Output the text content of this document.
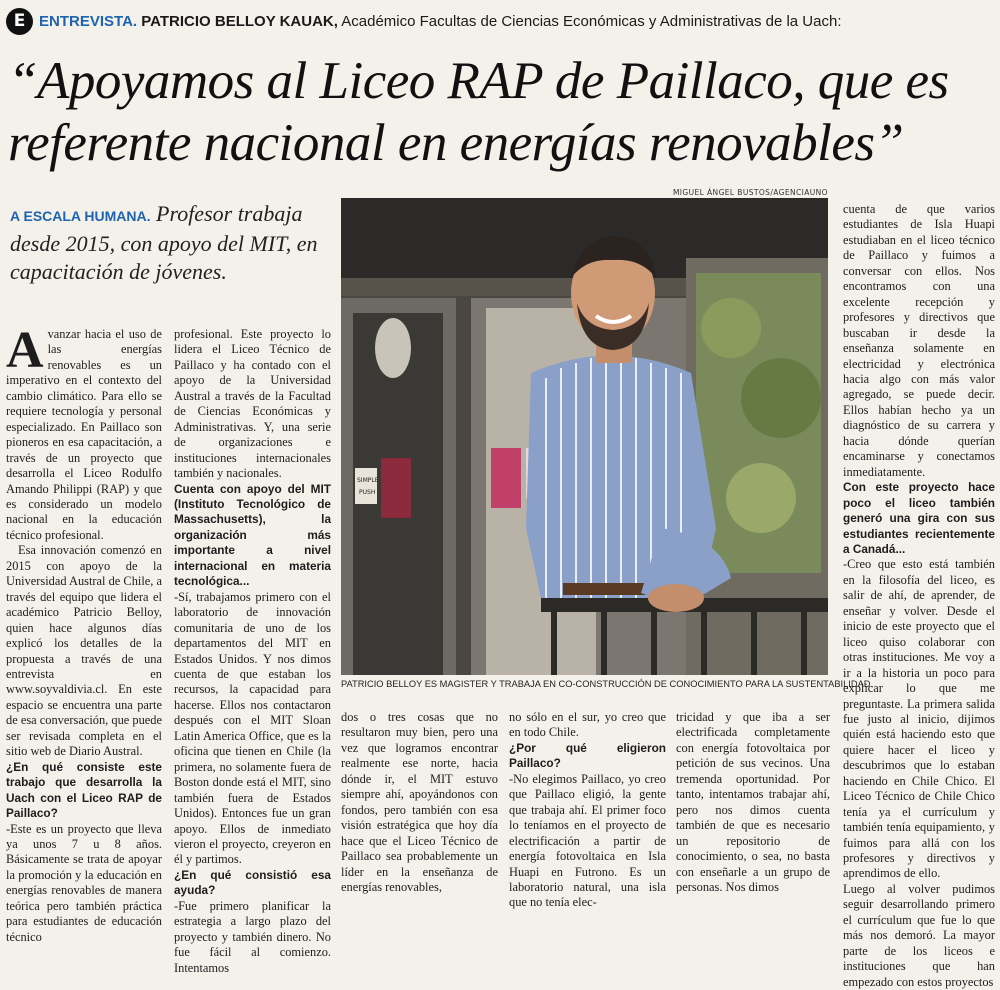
E ENTREVISTA. PATRICIO BELLOY KAUAK, Académico Facultas de Ciencias Económicas y Administrativas de la Uach:
“Apoyamos al Liceo RAP de Paillaco, que es referente nacional en energías renovables”
A ESCALA HUMANA. Profesor trabaja desde 2015, con apoyo del MIT, en capacitación de jóvenes.
MIGUEL ÁNGEL BUSTOS/AGENCIAUNO
SIMPLE
PUSH
PATRICIO BELLOY ES MAGISTER Y TRABAJA EN CO-CONSTRUCCIÓN DE CONOCIMIENTO PARA LA SUSTENTABILIDAD.

Avanzar hacia el uso de las energías renovables es un imperativo en el contexto del cambio climático. Para ello se requiere tecnología y personal especializado. En Paillaco son pioneros en esa capacitación, a través de un proyecto que desarrolla el Liceo Rodulfo Amando Philippi (RAP) y que es considerado un modelo nacional en la educación técnico profesional.

Esa innovación comenzó en 2015 con apoyo de la Universidad Austral de Chile, a través del equipo que lidera el académico Patricio Belloy, quien hace algunos días explicó los detalles de la propuesta a través de una entrevista en www.soyvaldivia.cl. En este espacio se encuentra una parte de esa conversación, que puede ser revisada completa en el sitio web de Diario Austral.

¿En qué consiste este trabajo que desarrolla la Uach con el Liceo RAP de Paillaco?

-Este es un proyecto que lleva ya unos 7 u 8 años. Básicamente se trata de apoyar la promoción y la educación en energías renovables de manera teórica pero también práctica para estudiantes de educación técnico

profesional. Este proyecto lo lidera el Liceo Técnico de Paillaco y ha contado con el apoyo de la Universidad Austral a través de la Facultad de Ciencias Económicas y Administrativas. Y, una serie de organizaciones e instituciones internacionales también y nacionales.

Cuenta con apoyo del MIT (Instituto Tecnológico de Massachusetts), la organización más importante a nivel internacional en materia tecnológica...

-Sí, trabajamos primero con el laboratorio de innovación comunitaria de uno de los departamentos del MIT en Estados Unidos. Y nos dimos cuenta de que estaban los recursos, la capacidad para hacerse. Ellos nos contactaron después con el MIT Sloan Latin America Office, que es la oficina que tienen en Chile (la primera, no solamente fuera de Boston donde está el MIT, sino también fuera de Estados Unidos). Entonces fue un gran apoyo. Ellos de inmediato vieron el proyecto, creyeron en él y partimos.

¿En qué consistió esa ayuda?

-Fue primero planificar la estrategia a largo plazo del proyecto y también dinero. No fue fácil al comienzo. Intentamos

dos o tres cosas que no resultaron muy bien, pero una vez que logramos encontrar realmente ese norte, hacia dónde ir, el MIT estuvo siempre ahí, apoyándonos con fondos, pero también con esa visión estratégica que hoy día hace que el Liceo Técnico de Paillaco sea probablemente un líder en la enseñanza de energías renovables,

no sólo en el sur, yo creo que en todo Chile.

¿Por qué eligieron Paillaco?

-No elegimos Paillaco, yo creo que Paillaco eligió, la gente que trabaja ahí. El primer foco lo teníamos en el proyecto de electrificación a partir de energía fotovoltaica en Isla Huapi en Futrono. Es un laboratorio natural, una isla que no tenía elec-

tricidad y que iba a ser electrificada completamente con energía fotovoltaica por petición de sus vecinos. Una tremenda oportunidad. Por tanto, intentamos trabajar ahí, pero nos dimos cuenta también de que es necesario un repositorio de conocimiento, o sea, no basta con enseñarle a un grupo de personas. Nos dimos

cuenta de que varios estudiantes de Isla Huapi estudiaban en el liceo técnico de Paillaco y fuimos a conversar con ellos. Nos encontramos con una excelente recepción y profesores y directivos que buscaban ir desde la enseñanza solamente en electricidad y electrónica hacia algo con más valor agregado, se puede decir. Ellos habían hecho ya un diagnóstico de su carrera y hacia dónde querían encaminarse y conectamos inmediatamente.

Con este proyecto hace poco el liceo también generó una gira con sus estudiantes recientemente a Canadá...

-Creo que esto está también en la filosofía del liceo, es salir de ahí, de aprender, de enseñar y volver. Desde el inicio de este proyecto que el liceo quiso colaborar con otras instituciones. Me voy a ir a la historia un poco para explicar lo que me preguntaste. La primera salida fue justo al inicio, dijimos quién está haciendo esto que quiere hacer el liceo y descubrimos que lo estaban haciendo en Chile Chico. El Liceo Técnico de Chile Chico tenía ya el currículum y también tenía equipamiento, y fuimos para allá con los profesores y directivos y aprendimos de ello.

Luego al volver pudimos seguir desarrollando primero el currículum que fue lo que más nos demoró. La mayor parte de los liceos e instituciones que han empezado con estos proyectos
